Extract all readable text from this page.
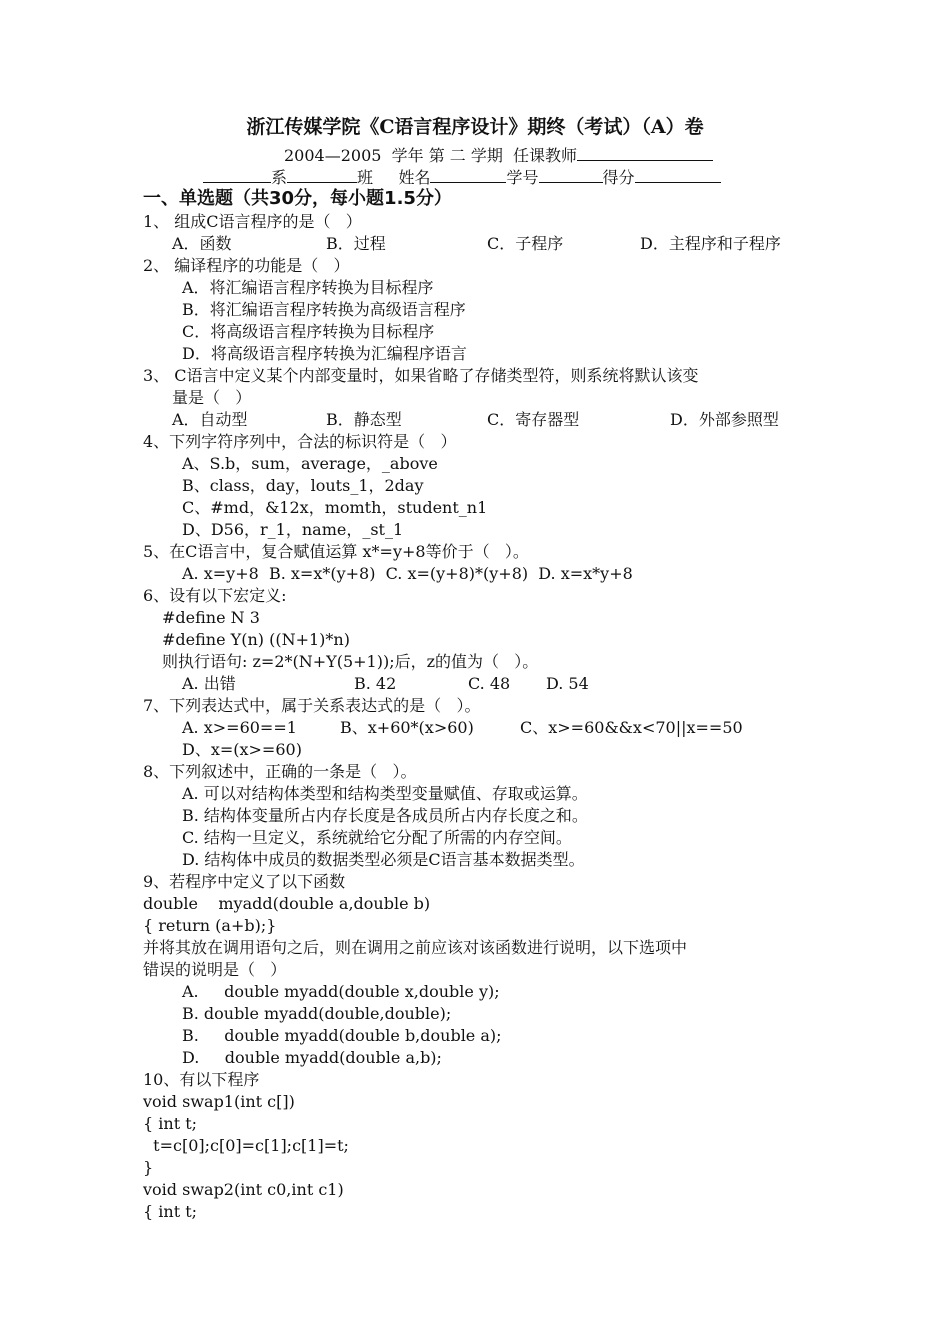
浙江传媒学院《C语言程序设计》期终（考试）（A）卷
2004—2005  学年 第 二 学期  任课教师
系	班 姓名	学号	得分
一、单选题（共30分，每小题1.5分）
1、 组成C语言程序的是（   ）
A．函数	B．过程	C．子程序	D．主程序和子程序
2、 编译程序的功能是（   ）
A．将汇编语言程序转换为目标程序
B．将汇编语言程序转换为高级语言程序
C．将高级语言程序转换为目标程序
D．将高级语言程序转换为汇编程序语言
3、 C语言中定义某个内部变量时，如果省略了存储类型符，则系统将默认该变
量是（   ）
A．自动型	B．静态型	C．寄存器型	D．外部参照型
4、下列字符序列中，合法的标识符是（   ）
A、S.b，sum，average，_above
B、class，day，louts_1，2day
C、#md，&12x，momth，student_n1
D、D56，r_1，name，_st_1
5、在C语言中，复合赋值运算 x*=y+8等价于（   ）。
A. x=y+8  B. x=x*(y+8)  C. x=(y+8)*(y+8)  D. x=x*y+8
6、设有以下宏定义:
#define N 3
#define Y(n) ((N+1)*n)
则执行语句: z=2*(N+Y(5+1));后，z的值为（   ）。
A. 出错	B. 42	C. 48 D. 54
7、下列表达式中，属于关系表达式的是（   ）。
A. x>=60==1	B、x+60*(x>60)	C、x>=60&&x<70||x==50
D、x=(x>=60)
8、下列叙述中，正确的一条是（   ）。
A. 可以对结构体类型和结构类型变量赋值、存取或运算。
B. 结构体变量所占内存长度是各成员所占内存长度之和。
C. 结构一旦定义，系统就给它分配了所需的内存空间。
D. 结构体中成员的数据类型必须是C语言基本数据类型。
9、若程序中定义了以下函数
double    myadd(double a,double b)
{ return (a+b);}
并将其放在调用语句之后，则在调用之前应该对该函数进行说明，以下选项中
错误的说明是（   ）
A.     double myadd(double x,double y);
B. double myadd(double,double);
B.     double myadd(double b,double a);
D.     double myadd(double a,b);
10、有以下程序
void swap1(int c[])
{ int t;
t=c[0];c[0]=c[1];c[1]=t;
}
void swap2(int c0,int c1)
{ int t;
